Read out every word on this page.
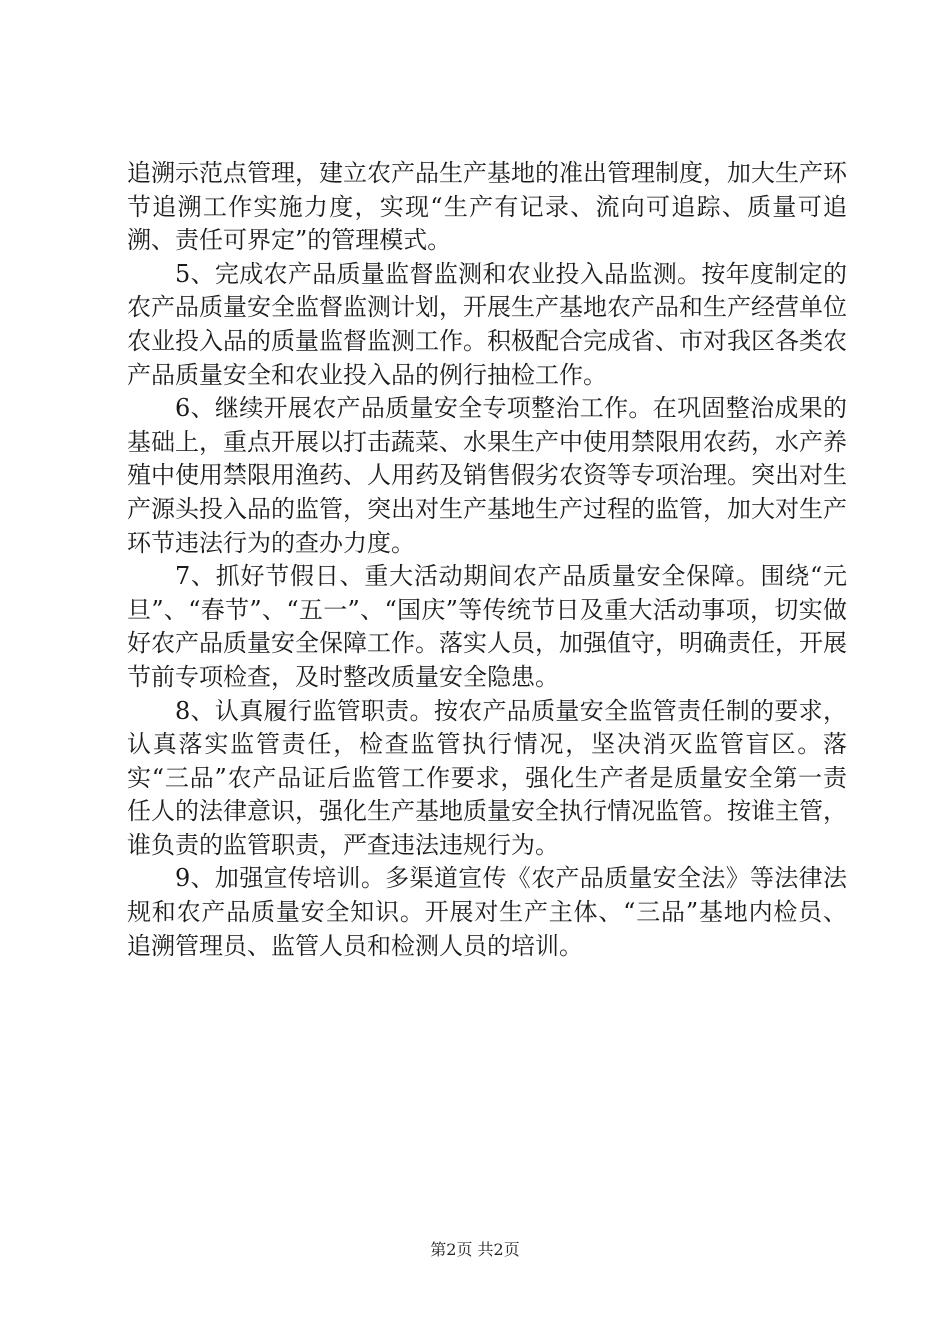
追溯示范点管理，建立农产品生产基地的准出管理制度，加大生产环节追溯工作实施力度，实现“生产有记录、流向可追踪、质量可追溯、责任可界定”的管理模式。

5、完成农产品质量监督监测和农业投入品监测。按年度制定的农产品质量安全监督监测计划，开展生产基地农产品和生产经营单位农业投入品的质量监督监测工作。积极配合完成省、市对我区各类农产品质量安全和农业投入品的例行抽检工作。

6、继续开展农产品质量安全专项整治工作。在巩固整治成果的基础上，重点开展以打击蔬菜、水果生产中使用禁限用农药，水产养殖中使用禁限用渔药、人用药及销售假劣农资等专项治理。突出对生产源头投入品的监管，突出对生产基地生产过程的监管，加大对生产环节违法行为的查办力度。

7、抓好节假日、重大活动期间农产品质量安全保障。围绕“元旦”、“春节”、“五一”、“国庆”等传统节日及重大活动事项，切实做好农产品质量安全保障工作。落实人员，加强值守，明确责任，开展节前专项检查，及时整改质量安全隐患。

8、认真履行监管职责。按农产品质量安全监管责任制的要求，认真落实监管责任，检查监管执行情况，坚决消灭监管盲区。落实“三品”农产品证后监管工作要求，强化生产者是质量安全第一责任人的法律意识，强化生产基地质量安全执行情况监管。按谁主管，谁负责的监管职责，严查违法违规行为。

9、加强宣传培训。多渠道宣传《农产品质量安全法》等法律法规和农产品质量安全知识。开展对生产主体、“三品”基地内检员、追溯管理员、监管人员和检测人员的培训。

第2页 共2页
